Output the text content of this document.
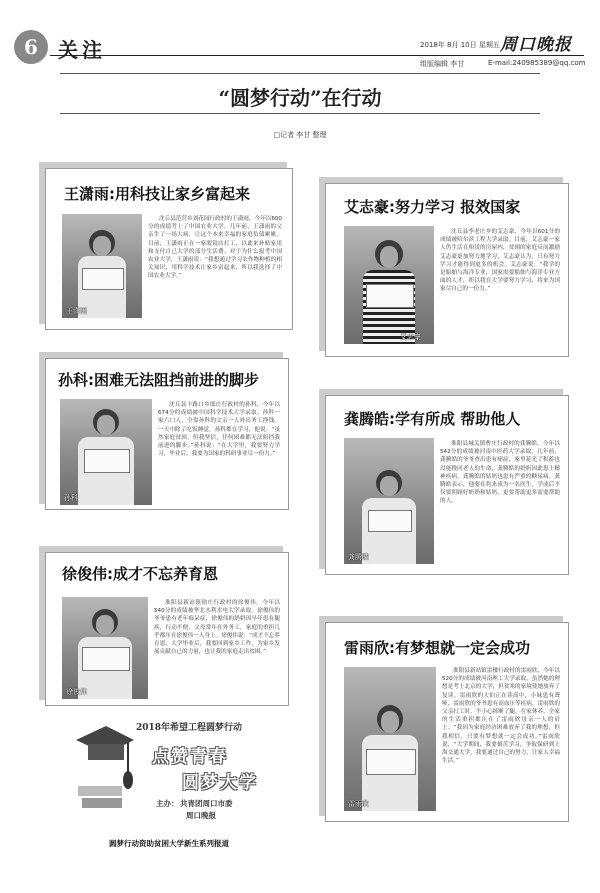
6 关注	2018年 8月 10日 星期五 周口晚报
组版编辑 李甘	E-mail:240985389@qq.com
“圆梦行动”在行动
□记者 李甘 整理
王潇雨:用科技让家乡富起来
王潇雨
沈丘县范营乡刘花园行政村的王潇雨，今年以600分的成绩考上了中国农业大学。几年前，王潇雨的父亲生了一场大病，让这个本来幸福的家庭负债累累。目前，王潇雨正在一家眼镜店打工，以此来补贴家用和支付自己大学的部分生活费。对于为什么报考中国农业大学，王潇雨说：“我想通过学习农作物种植的相关知识，用科学技术让家乡富起来，所以我选择了中国农业大学。”
艾志豪:努力学习 报效国家
艾志豪
沈丘县李老庄乡的艾志豪，今年以601分的成绩被哈尔滨工程大学录取。目前，艾志豪一家人仍生活在租赁的房屋内，贫困的家庭反而激励艾志豪更加努力地学习，艾志豪认为，只有努力学习才能得到更多的机会。艾志豪说：“我学的是船舶与海洋专业，国家需要船舶与海洋专业方面的人才，所以我在大学要努力学习，将来为国家尽自己的一份力。”
孙科:困难无法阻挡前进的脚步
孙科
沈丘县卞路口乡郎庄行政村的孙科，今年以674分的成绩被中国科学技术大学录取。孙科一家六口人，全靠孙科的父亲一人外出务工挣钱。一天中除了吃饭睡觉，孙科都在学习，他说：“虽然家庭贫困，但我坚信，任何困难都无法阻挡我前进的脚步。”孙科说：“在大学里，我要努力学习，毕业后，我要为国家的科研事业尽一份力。”
龚腾皓:学有所成 帮助他人
龚腾皓
淮阳县城关镇曹庄行政村的龚腾皓，今年以542分的成绩被河南中医药大学录取。几年前，龚腾皓的爷爷查出患有癌症，家里花光了积蓄也没能挽回老人的生命，龚腾皓的奶奶因此患上精神疾病，龚腾皓的姑妈也患有严重的糖尿病。龚腾皓表示，他要在将来成为一名医生，学成后不仅要照顾好奶奶和姑妈，更要帮助更多需要帮助的人。
徐俊伟:成才不忘养育恩
徐俊伟
淮阳县新站镇徐庄行政村的徐俊伟，今年以540分的成绩被华北水利水电大学录取。徐俊伟的爷爷患有老年痴呆症，徐俊伟的奶奶因早年患有腿疾，行动不便，父母常年在外务工，家庭的重担几乎都压在徐俊伟一人身上。徐俊伟说：“成才不忘养育恩，大学毕业后，我要回到家乡工作，为家乡发展贡献自己的力量，也让我的家庭走出贫困。”	雷雨欣:有梦想就一定会成功
雷雨欣
淮阳县新站镇雷楼行政村的雷雨欣，今年以520分的成绩被河南理工大学录取。虽然她的理想是考上北京的大学，但贫寒的家境使她放弃了复读。雷雨欣的大伯正在读高中，小妹患有聋哑，雷雨欣的爷爷患有高血压等疾病，雷雨欣的父亲打工时，不小心摔断了腿，在家休养，全家的生活重担都压在了雷雨欣母亲一人的肩上。“我因为家庭经济困难放弃了我的理想，但我相信，只要有梦想就一定会成功。”雷雨欣说，“大学期间，我要刻苦学习，争取保研到上海交通大学，我要通过自己的努力，让家人幸福生活。”
2018年希望工程圆梦行动
点赞青春
圆梦大学
主办： 共青团周口市委
周口晚报
圆梦行动资助贫困大学新生系列报道
